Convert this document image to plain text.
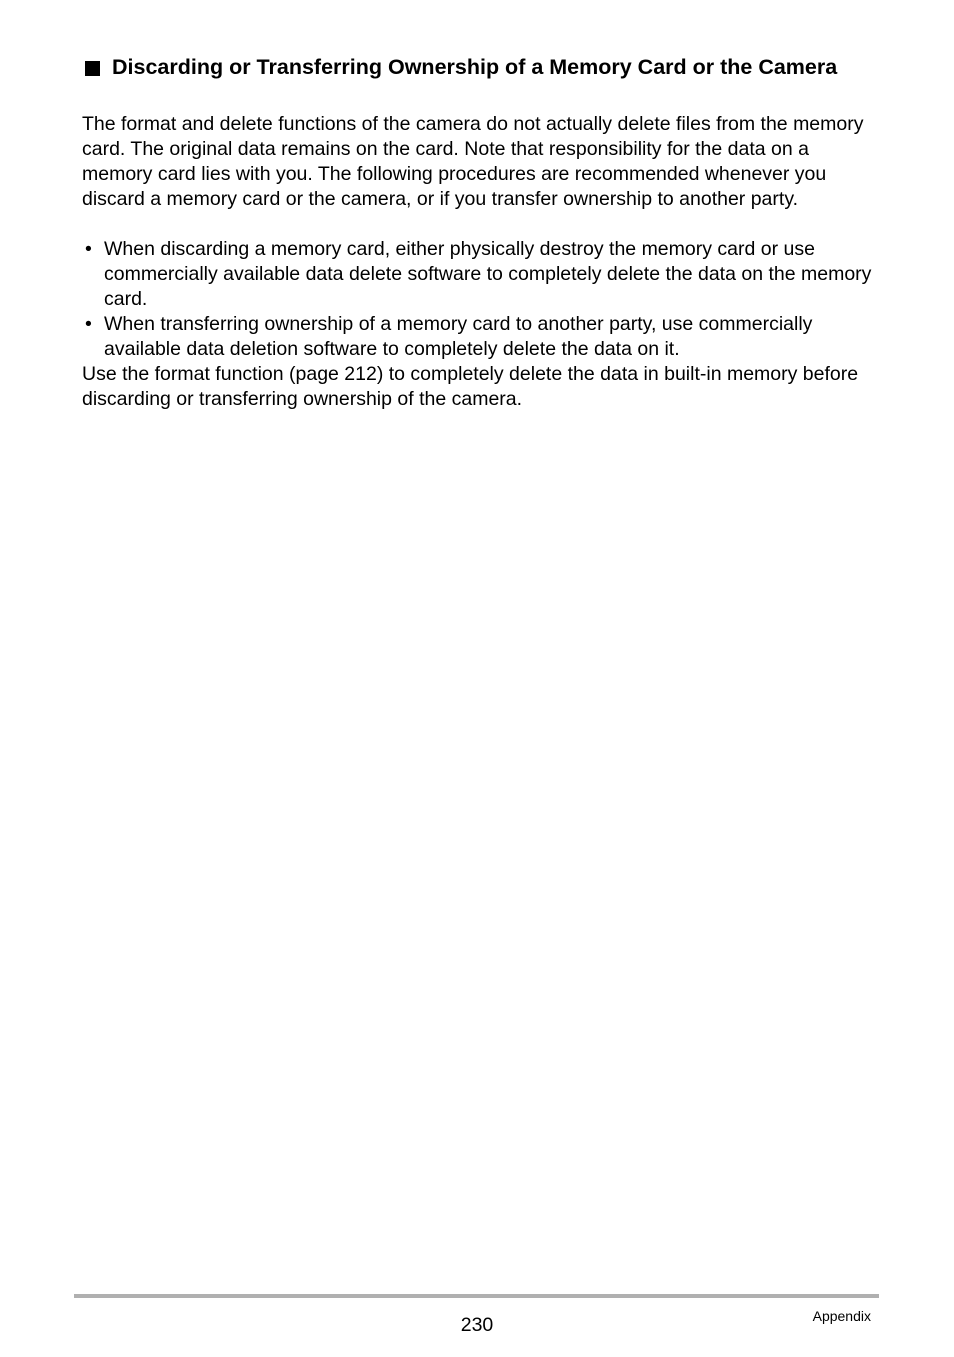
Discarding or Transferring Ownership of a Memory Card or the Camera

The format and delete functions of the camera do not actually delete files from the memory card. The original data remains on the card. Note that responsibility for the data on a memory card lies with you. The following procedures are recommended whenever you discard a memory card or the camera, or if you transfer ownership to another party.

• When discarding a memory card, either physically destroy the memory card or use commercially available data delete software to completely delete the data on the memory card.
• When transferring ownership of a memory card to another party, use commercially available data deletion software to completely delete the data on it.

Use the format function (page 212) to completely delete the data in built-in memory before discarding or transferring ownership of the camera.

230	Appendix
